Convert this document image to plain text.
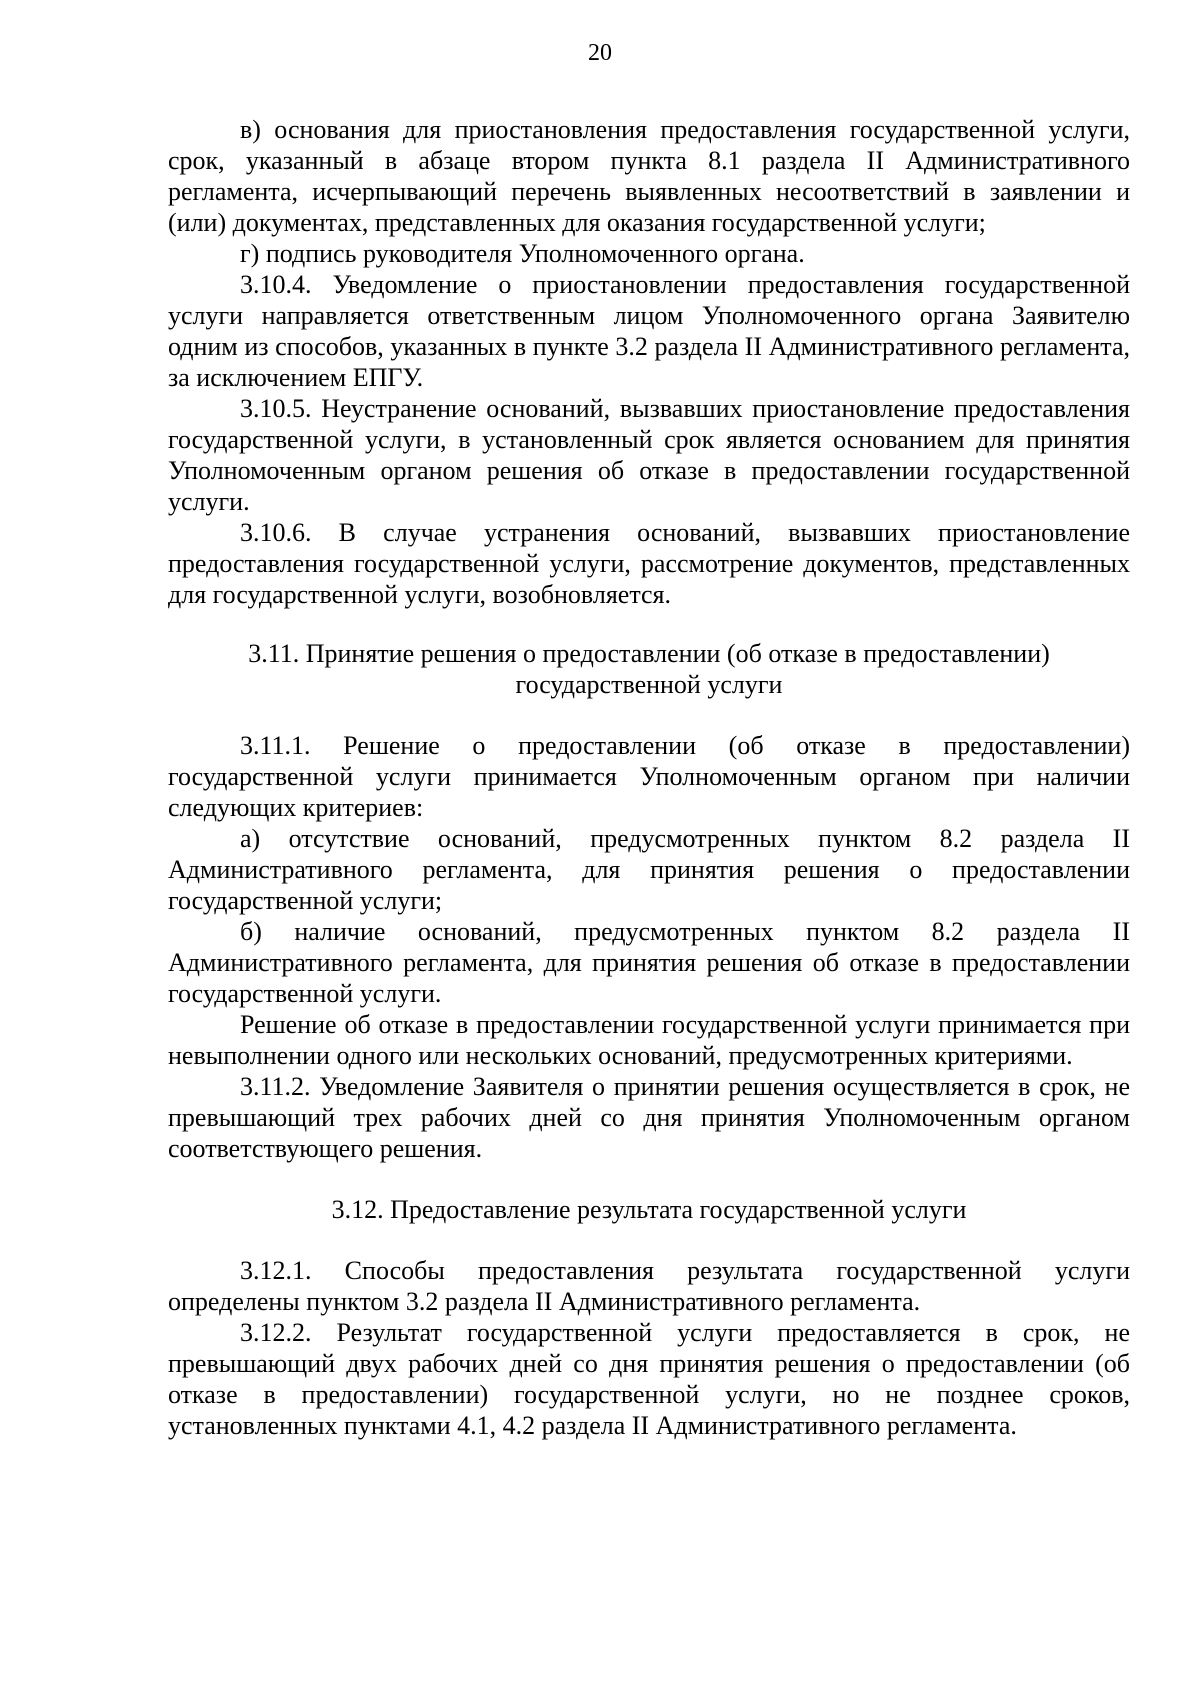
20

в) основания для приостановления предоставления государственной услуги, срок, указанный в абзаце втором пункта 8.1 раздела II Административного регламента, исчерпывающий перечень выявленных несоответствий в заявлении и (или) документах, представленных для оказания государственной услуги;

г) подпись руководителя Уполномоченного органа.

3.10.4. Уведомление о приостановлении предоставления государственной услуги направляется ответственным лицом Уполномоченного органа Заявителю одним из способов, указанных в пункте 3.2 раздела II Административного регламента, за исключением ЕПГУ.

3.10.5. Неустранение оснований, вызвавших приостановление предоставления государственной услуги, в установленный срок является основанием для принятия Уполномоченным органом решения об отказе в предоставлении государственной услуги.

3.10.6. В случае устранения оснований, вызвавших приостановление предоставления государственной услуги, рассмотрение документов, представленных для государственной услуги, возобновляется.

3.11. Принятие решения о предоставлении (об отказе в предоставлении)
государственной услуги

3.11.1. Решение о предоставлении (об отказе в предоставлении) государственной услуги принимается Уполномоченным органом при наличии следующих критериев:

а) отсутствие оснований, предусмотренных пунктом 8.2 раздела II Административного регламента, для принятия решения о предоставлении государственной услуги;

б) наличие оснований, предусмотренных пунктом 8.2 раздела II Административного регламента, для принятия решения об отказе в предоставлении государственной услуги.

Решение об отказе в предоставлении государственной услуги принимается при невыполнении одного или нескольких оснований, предусмотренных критериями.

3.11.2. Уведомление Заявителя о принятии решения осуществляется в срок, не превышающий трех рабочих дней со дня принятия Уполномоченным органом соответствующего решения.

3.12. Предоставление результата государственной услуги

3.12.1. Способы предоставления результата государственной услуги определены пунктом 3.2 раздела II Административного регламента.

3.12.2. Результат государственной услуги предоставляется в срок, не превышающий двух рабочих дней со дня принятия решения о предоставлении (об отказе в предоставлении) государственной услуги, но не позднее сроков, установленных пунктами 4.1, 4.2 раздела II Административного регламента.
